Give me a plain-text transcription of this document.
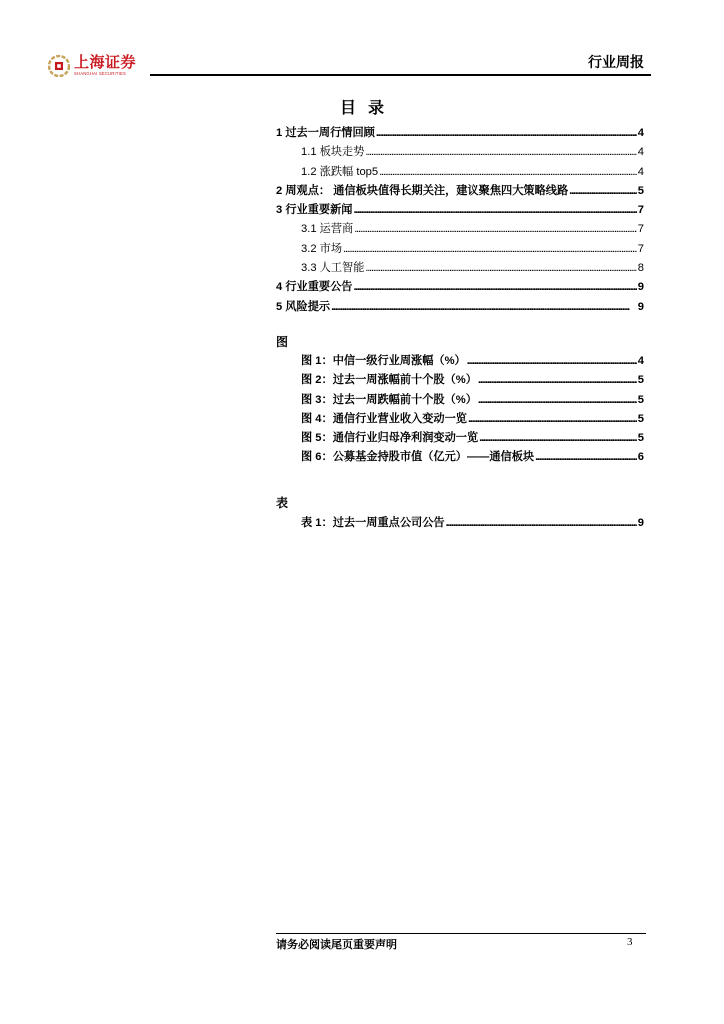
上海证券
SHANGHAI SECURITIES
行业周报
目录
1 过去一周行情回顾 . . .	4
1.1 板块走势 . . .	4
1.2 涨跌幅 top5 . . .	4
2 周观点： 通信板块值得长期关注，建议聚焦四大策略线路 . . .	5
3 行业重要新闻 . . .	7
3.1 运营商 . . .	7
3.2 市场 . . .	7
3.3 人工智能 . . .	8
4 行业重要公告 . . .	9
5 风险提示 . . .	9
图
图 1：中信一级行业周涨幅（%） . . .	4
图 2：过去一周涨幅前十个股（%） . . .	5
图 3：过去一周跌幅前十个股（%） . . .	5
图 4：通信行业营业收入变动一览 . . .	5
图 5：通信行业归母净利润变动一览 . . .	5
图 6：公募基金持股市值（亿元）——通信板块 . . .	6
表
表 1：过去一周重点公司公告 . . .	9
请务必阅读尾页重要声明	3
